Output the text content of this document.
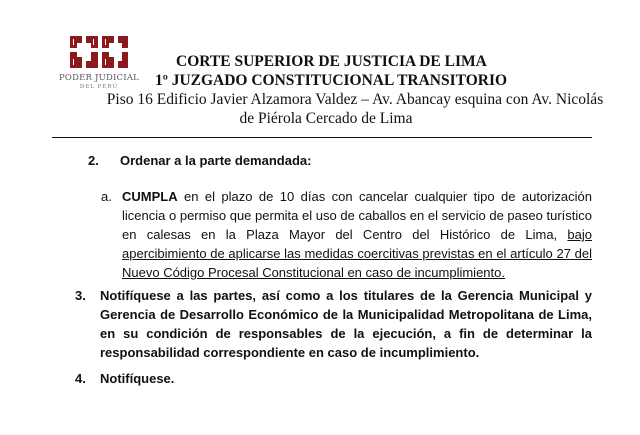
PODER JUDICIAL
DEL PERÚ
CORTE SUPERIOR DE JUSTICIA DE LIMA
1º JUZGADO CONSTITUCIONAL TRANSITORIO
Piso 16 Edificio Javier Alzamora Valdez – Av. Abancay esquina con Av. Nicolás
de Piérola Cercado de Lima
2. Ordenar a la parte demandada:
a. CUMPLA en el plazo de 10 días con cancelar cualquier tipo de autorización licencia o permiso que permita el uso de caballos en el servicio de paseo turístico en calesas en la Plaza Mayor del Centro del Histórico de Lima, bajo apercibimiento de aplicarse las medidas coercitivas previstas en el artículo 27 del Nuevo Código Procesal Constitucional en caso de incumplimiento.
3. Notifíquese a las partes, así como a los titulares de la Gerencia Municipal y Gerencia de Desarrollo Económico de la Municipalidad Metropolitana de Lima, en su condición de responsables de la ejecución, a fin de determinar la responsabilidad correspondiente en caso de incumplimiento.
4. Notifíquese.
